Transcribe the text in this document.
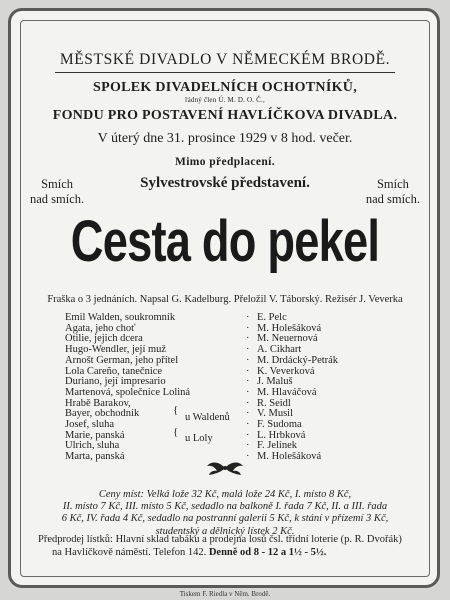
MĚSTSKÉ DIVADLO V NĚMECKÉM BRODĚ.
SPOLEK DIVADELNÍCH OCHOTNÍKŮ,
řádný člen Ú. M. D. O. Č.,
FONDU PRO POSTAVENÍ HAVLÍČKOVA DIVADLA.
V úterý dne 31. prosince 1929 v 8 hod. večer.
Mimo předplacení.
Smích
nad smích.
Smích
nad smích.
Sylvestrovské představení.
Cesta do pekel
Fraška o 3 jednáních. Napsal G. Kadelburg. Přeložil V. Táborský. Režisér J. Veverka
Emil Walden, soukromník	· E. Pelc
Agata, jeho choť	· M. Holešáková
Otilie, jejich dcera	· M. Neuernová
Hugo-Wendler, její muž	· A. Cikhart
Arnošt German, jeho přítel	· M. Drdácký-Petrák
Lola Careño, tanečnice	· K. Veverková
Duriano, její impresario	· J. Maluš
Martenová, společnice Loliná	· M. Hlaváčová
Hrabě Barakov,	· R. Seidl
Bayer, obchodník	· V. Musil
Josef, sluha	· F. Sudoma
Marie, panská	· L. Hrbková
Ulrich, sluha	· F. Jelínek
Marta, panská	· M. Holešáková
{
u Waldenů
{
u Loly
Ceny míst: Velká lože 32 Kč, malá lože 24 Kč, I. místo 8 Kč,
II. místo 7 Kč, III. místo 5 Kč, sedadlo na balkoně I. řada 7 Kč, II. a III. řada
6 Kč, IV. řada 4 Kč, sedadlo na postranní galerii 5 Kč, k stání v přízemí 3 Kč,
studentský a dělnický lístek 2 Kč.
Předprodej lístků: Hlavní sklad tabáku a prodejna losů čsl. třídní loterie (p. R. Dvořák)
na Havlíčkově náměstí. Telefon 142. Denně od 8 - 12 a 1½ - 5½.
Tiskem F. Riedla v Něm. Brodě.
